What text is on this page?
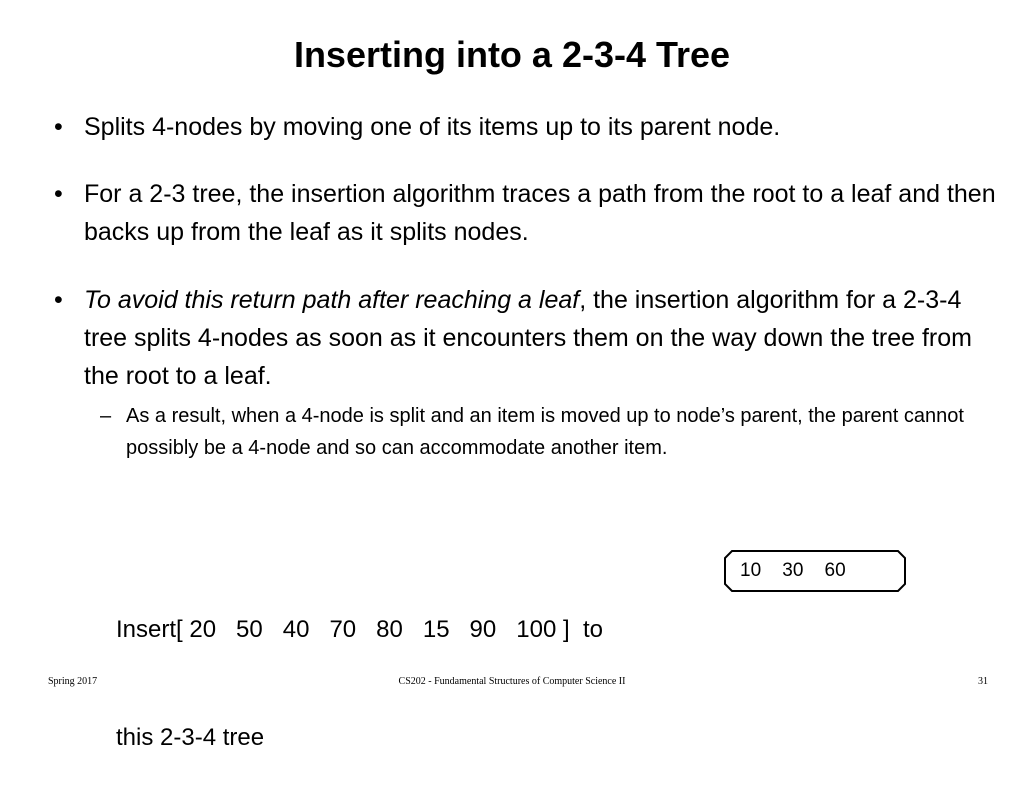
Inserting into a 2-3-4 Tree
• Splits 4-nodes by moving one of its items up to its parent node.
• For a 2-3 tree, the insertion algorithm traces a path from the root to a leaf and then backs up from the leaf as it splits nodes.
• To avoid this return path after reaching a leaf, the insertion algorithm for a 2-3-4 tree splits 4-nodes as soon as it encounters them on the way down the tree from the root to a leaf.
– As a result, when a 4-node is split and an item is moved up to node’s parent, the parent cannot possibly be a 4-node and so can accommodate another item.

Insert[ 20   50   40   70   80   15   90   100 ]  to

this 2-3-4 tree

10    30    60
Spring 2017	CS202 - Fundamental Structures of Computer Science II	31
